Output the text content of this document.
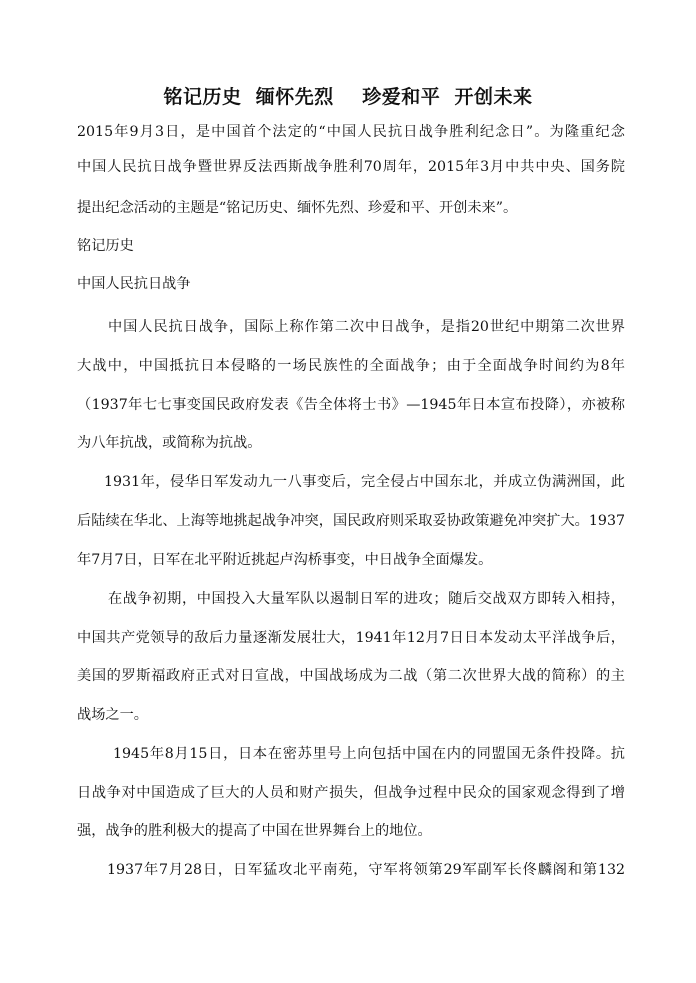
铭记历史  缅怀先烈    珍爱和平  开创未来
2015年9月3日，是中国首个法定的“中国人民抗日战争胜利纪念日”。为隆重纪念
中国人民抗日战争暨世界反法西斯战争胜利70周年，2015年3月中共中央、国务院
提出纪念活动的主题是“铭记历史、缅怀先烈、珍爱和平、开创未来”。
铭记历史
中国人民抗日战争
中国人民抗日战争，国际上称作第二次中日战争，是指20世纪中期第二次世界
大战中，中国抵抗日本侵略的一场民族性的全面战争；由于全面战争时间约为8年
（1937年七七事变国民政府发表《告全体将士书》—1945年日本宣布投降），亦被称
为八年抗战，或简称为抗战。
1931年，侵华日军发动九一八事变后，完全侵占中国东北，并成立伪满洲国，此
后陆续在华北、上海等地挑起战争冲突，国民政府则采取妥协政策避免冲突扩大。1937
年7月7日，日军在北平附近挑起卢沟桥事变，中日战争全面爆发。
在战争初期，中国投入大量军队以遏制日军的进攻；随后交战双方即转入相持，
中国共产党领导的敌后力量逐渐发展壮大，1941年12月7日日本发动太平洋战争后，
美国的罗斯福政府正式对日宣战，中国战场成为二战（第二次世界大战的简称）的主
战场之一。
1945年8月15日，日本在密苏里号上向包括中国在内的同盟国无条件投降。抗
日战争对中国造成了巨大的人员和财产损失，但战争过程中民众的国家观念得到了增
强，战争的胜利极大的提高了中国在世界舞台上的地位。
1937年7月28日，日军猛攻北平南苑，守军将领第29军副军长佟麟阁和第132
